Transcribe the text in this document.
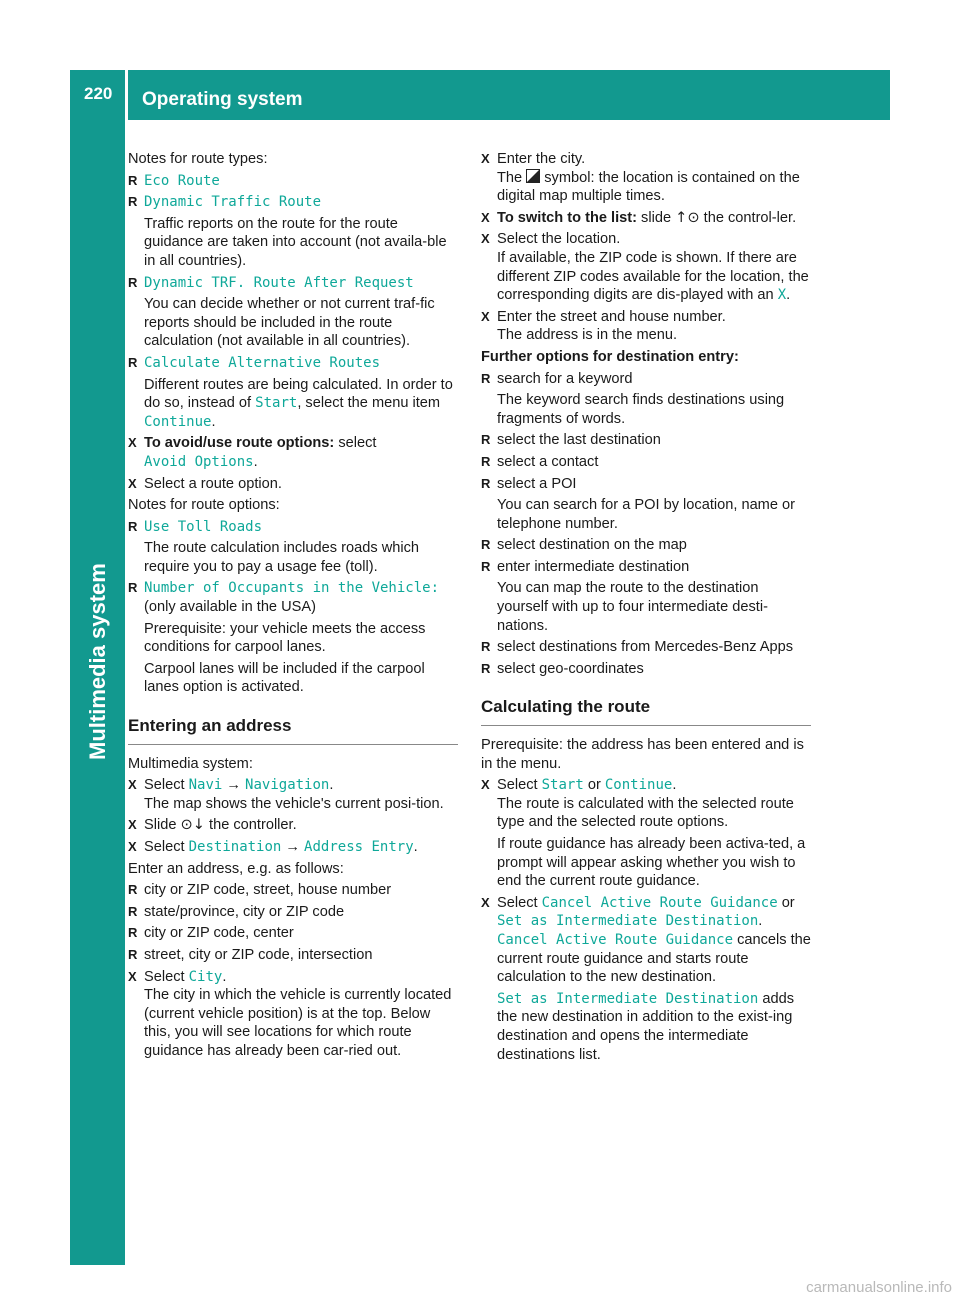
220 Operating system
Multimedia system

Notes for route types:

R Eco Route
R Dynamic Traffic Route

Traffic reports on the route for the route guidance are taken into account (not availa-ble in all countries).

R Dynamic TRF. Route After Request

You can decide whether or not current traf-fic reports should be included in the route calculation (not available in all countries).

R Calculate Alternative Routes

Different routes are being calculated. In order to do so, instead of Start, select the menu item Continue.

X To avoid/use route options: select
Avoid Options.
X Select a route option.

Notes for route options:

R Use Toll Roads

The route calculation includes roads which require you to pay a usage fee (toll).

R Number of Occupants in the Vehicle:

(only available in the USA)

Prerequisite: your vehicle meets the access conditions for carpool lanes.

Carpool lanes will be included if the carpool lanes option is activated.

Entering an address

Multimedia system:

X Select Navi → Navigation.
The map shows the vehicle's current posi-tion.
X Slide ⊙↓ the controller.
X Select Destination → Address Entry.

Enter an address, e.g. as follows:

R city or ZIP code, street, house number
R state/province, city or ZIP code
R city or ZIP code, center
R street, city or ZIP code, intersection
X Select City.
The city in which the vehicle is currently located (current vehicle position) is at the top. Below this, you will see locations for which route guidance has already been car-ried out.
X Enter the city.
The
symbol: the location is contained on the digital map multiple times.
X To switch to the list: slide ↑⊙ the control-ler.
X Select the location.
If available, the ZIP code is shown. If there are different ZIP codes available for the location, the corresponding digits are dis-played with an X.
X Enter the street and house number.
The address is in the menu.

Further options for destination entry:

R search for a keyword

The keyword search finds destinations using fragments of words.

R select the last destination
R select a contact
R select a POI

You can search for a POI by location, name or telephone number.

R select destination on the map
R enter intermediate destination

You can map the route to the destination yourself with up to four intermediate desti-nations.

R select destinations from Mercedes-Benz Apps
R select geo-coordinates
Calculating the route

Prerequisite: the address has been entered and is in the menu.

X Select Start or Continue.
The route is calculated with the selected route type and the selected route options.

If route guidance has already been activa-ted, a prompt will appear asking whether you wish to end the current route guidance.

X Select Cancel Active Route Guidance or
Set as Intermediate Destination.
Cancel Active Route Guidance cancels the current route guidance and starts route calculation to the new destination.

Set as Intermediate Destination adds the new destination in addition to the exist-ing destination and opens the intermediate destinations list.

carmanualsonline.info
